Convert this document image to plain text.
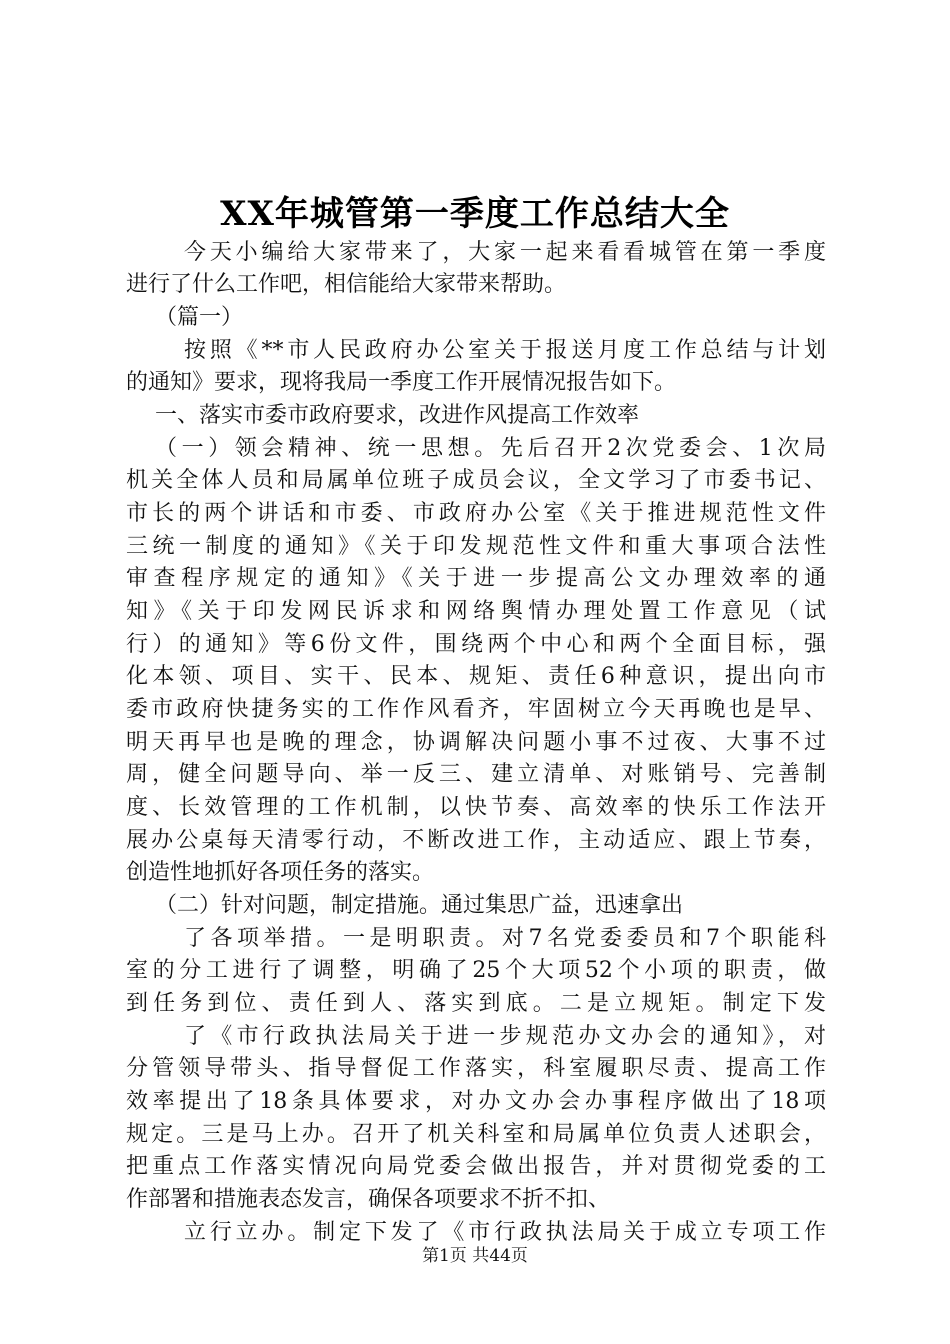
XX年城管第一季度工作总结大全
今天小编给大家带来了，大家一起来看看城管在第一季度
进行了什么工作吧，相信能给大家带来帮助。
（篇一）
按照《**市人民政府办公室关于报送月度工作总结与计划
的通知》要求，现将我局一季度工作开展情况报告如下。
一、落实市委市政府要求，改进作风提高工作效率
（一）领会精神、统一思想。先后召开2次党委会、1次局
机关全体人员和局属单位班子成员会议，全文学习了市委书记、
市长的两个讲话和市委、市政府办公室《关于推进规范性文件
三统一制度的通知》《关于印发规范性文件和重大事项合法性
审查程序规定的通知》《关于进一步提高公文办理效率的通
知》《关于印发网民诉求和网络舆情办理处置工作意见（试
行）的通知》等6份文件，围绕两个中心和两个全面目标，强
化本领、项目、实干、民本、规矩、责任6种意识，提出向市
委市政府快捷务实的工作作风看齐，牢固树立今天再晚也是早、
明天再早也是晚的理念，协调解决问题小事不过夜、大事不过
周，健全问题导向、举一反三、建立清单、对账销号、完善制
度、长效管理的工作机制，以快节奏、高效率的快乐工作法开
展办公桌每天清零行动，不断改进工作，主动适应、跟上节奏，
创造性地抓好各项任务的落实。
（二）针对问题，制定措施。通过集思广益，迅速拿出
了各项举措。一是明职责。对7名党委委员和7个职能科
室的分工进行了调整，明确了25个大项52个小项的职责，做
到任务到位、责任到人、落实到底。二是立规矩。制定下发
了《市行政执法局关于进一步规范办文办会的通知》，对
分管领导带头、指导督促工作落实，科室履职尽责、提高工作
效率提出了18条具体要求，对办文办会办事程序做出了18项
规定。三是马上办。召开了机关科室和局属单位负责人述职会，
把重点工作落实情况向局党委会做出报告，并对贯彻党委的工
作部署和措施表态发言，确保各项要求不折不扣、
立行立办。制定下发了《市行政执法局关于成立专项工作
第1页 共44页
